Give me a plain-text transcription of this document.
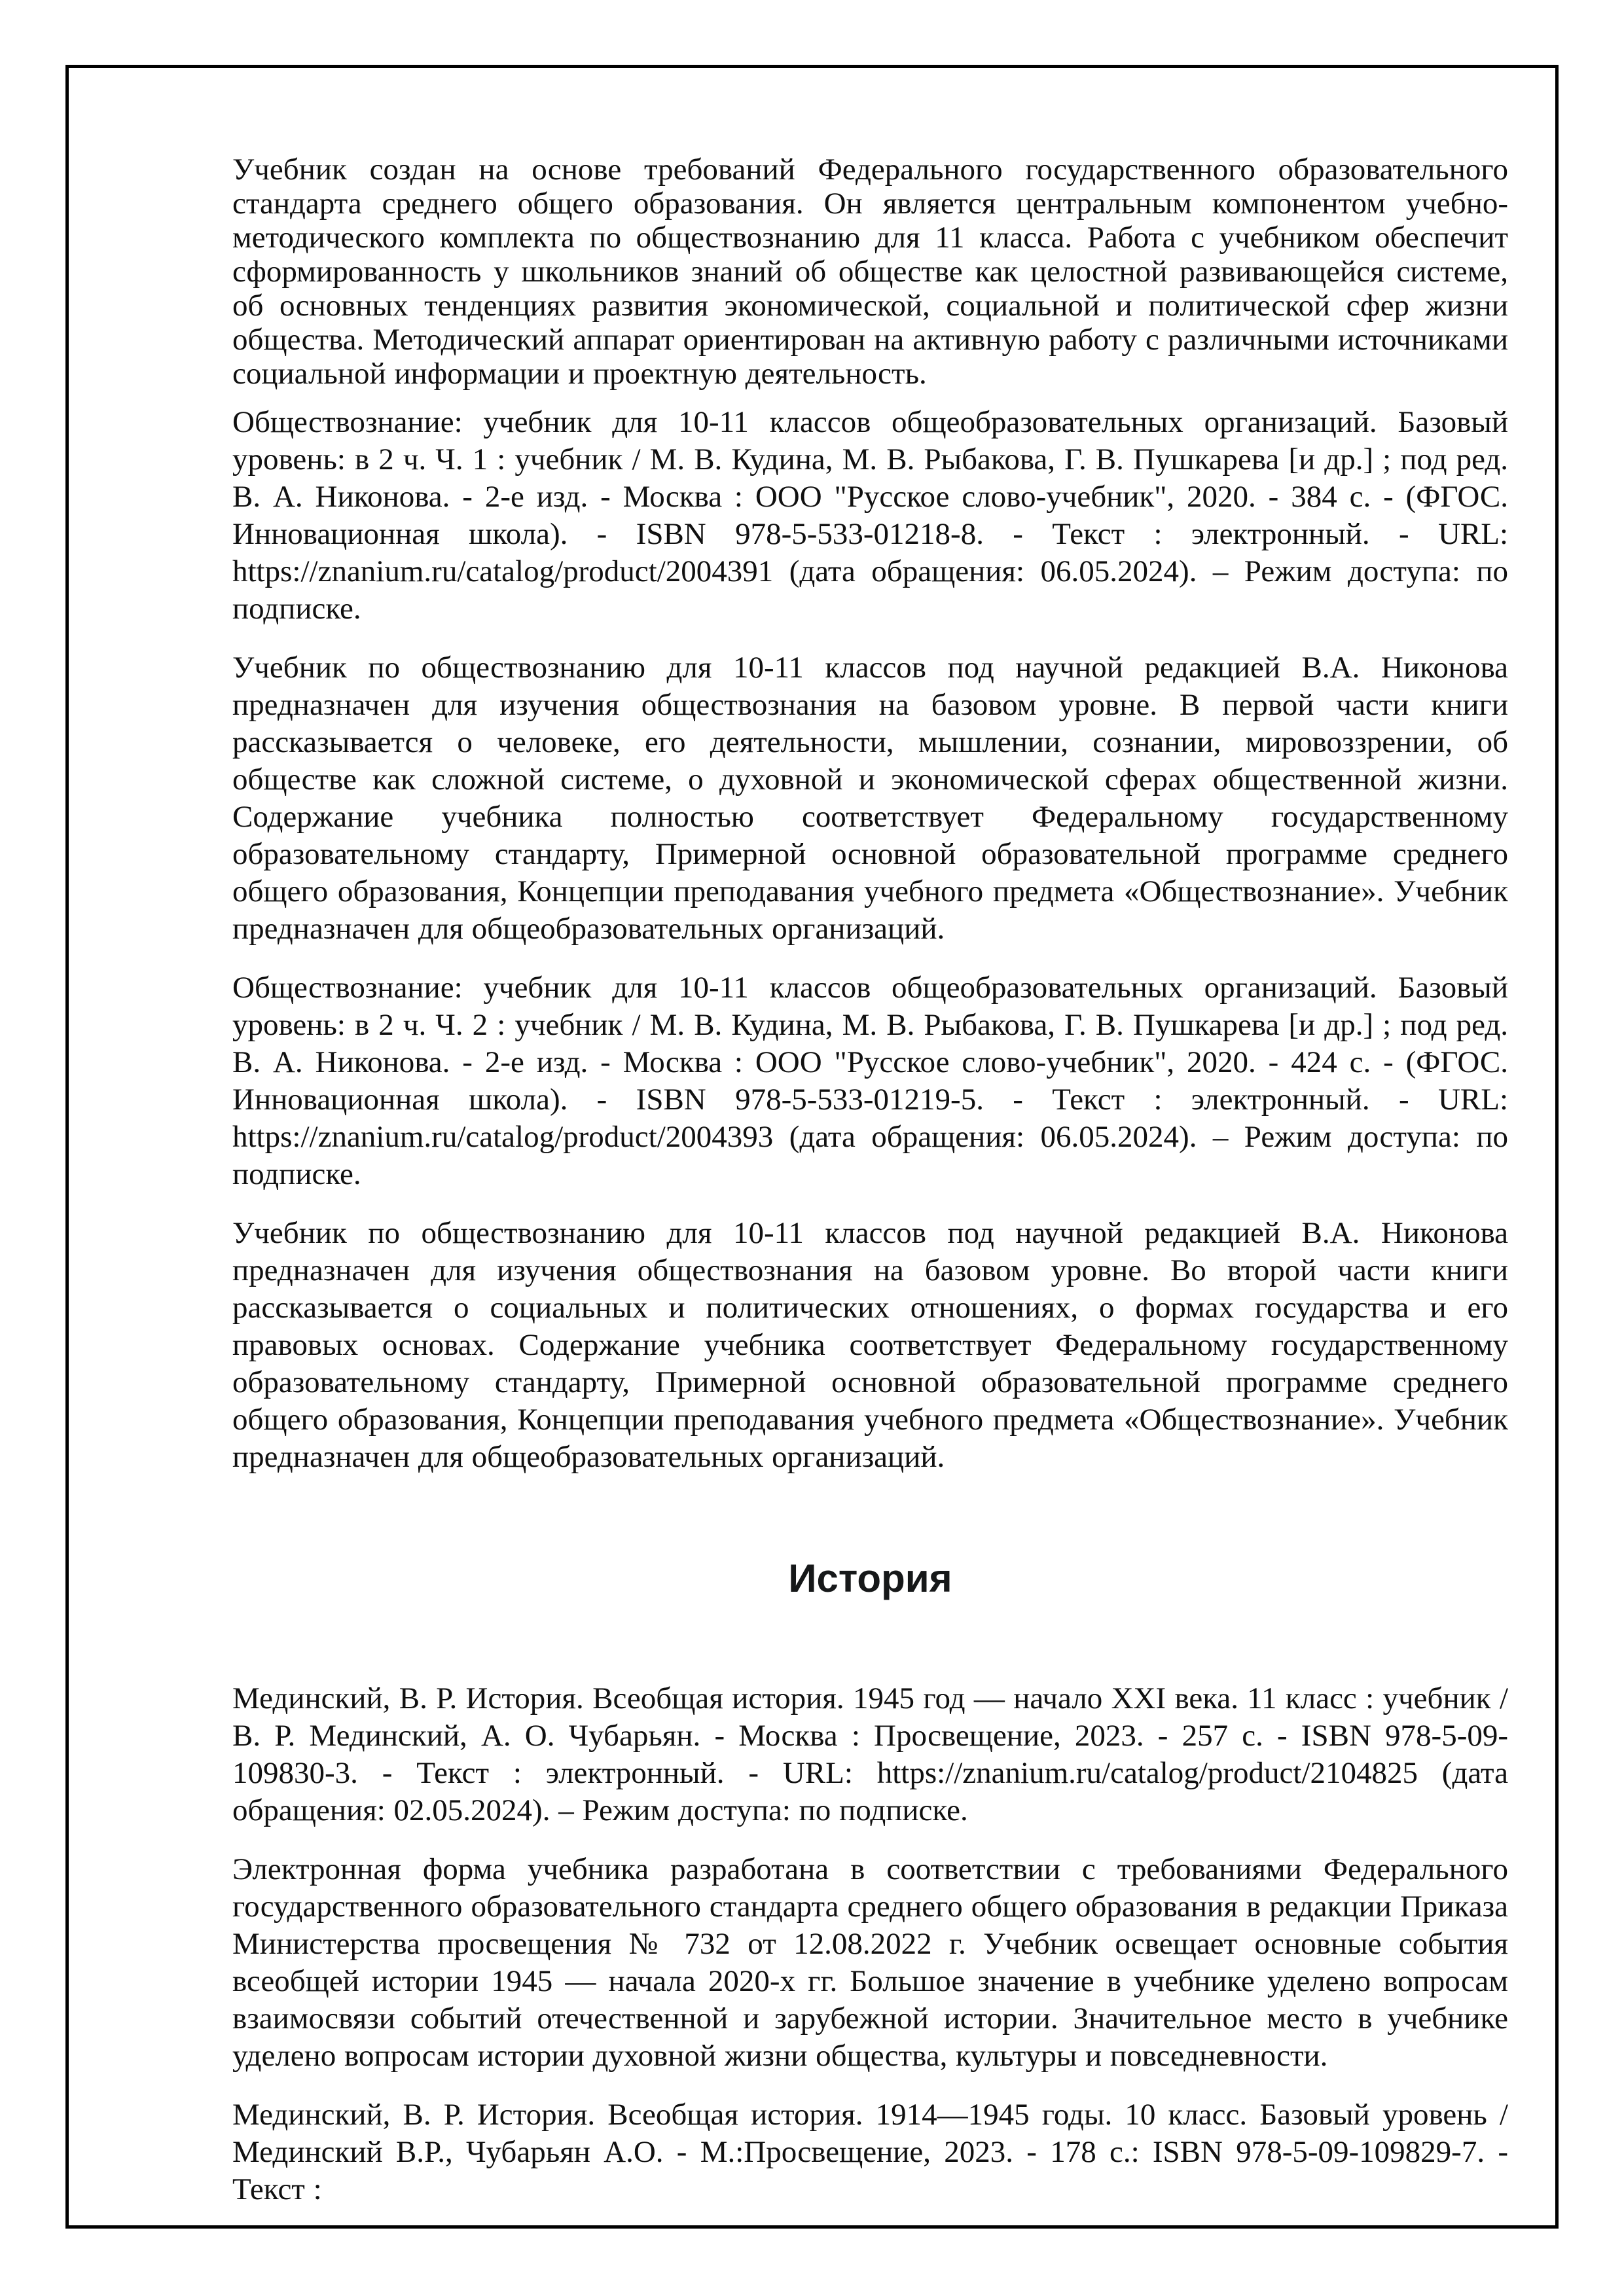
Учебник создан на основе требований Федерального государственного образовательного стандарта среднего общего образования. Он является центральным компонентом учебно-методического комплекта по обществознанию для 11 класса. Работа с учебником обеспечит сформированность у школьников знаний об обществе как целостной развивающейся системе, об основных тенденциях развития экономической, социальной и политической сфер жизни общества. Методический аппарат ориентирован на активную работу с различными источниками социальной информации и проектную деятельность.

Обществознание: учебник для 10-11 классов общеобразовательных организаций. Базовый уровень: в 2 ч. Ч. 1 : учебник / М. В. Кудина, М. В. Рыбакова, Г. В. Пушкарева [и др.] ; под ред. В. А. Никонова. - 2-е изд. - Москва : ООО "Русское слово-учебник", 2020. - 384 с. - (ФГОС. Инновационная школа). - ISBN 978-5-533-01218-8. - Текст : электронный. - URL: https://znanium.ru/catalog/product/2004391 (дата обращения: 06.05.2024). – Режим доступа: по подписке.

Учебник по обществознанию для 10-11 классов под научной редакцией В.А. Никонова предназначен для изучения обществознания на базовом уровне. В первой части книги рассказывается о человеке, его деятельности, мышлении, сознании, мировоззрении, об обществе как сложной системе, о духовной и экономической сферах общественной жизни. Содержание учебника полностью соответствует Федеральному государственному образовательному стандарту, Примерной основной образовательной программе среднего общего образования, Концепции преподавания учебного предмета «Обществознание». Учебник предназначен для общеобразовательных организаций.

Обществознание: учебник для 10-11 классов общеобразовательных организаций. Базовый уровень: в 2 ч. Ч. 2 : учебник / М. В. Кудина, М. В. Рыбакова, Г. В. Пушкарева [и др.] ; под ред. В. А. Никонова. - 2-е изд. - Москва : ООО "Русское слово-учебник", 2020. - 424 с. - (ФГОС. Инновационная школа). - ISBN 978-5-533-01219-5. - Текст : электронный. - URL: https://znanium.ru/catalog/product/2004393 (дата обращения: 06.05.2024). – Режим доступа: по подписке.

Учебник по обществознанию для 10-11 классов под научной редакцией В.А. Никонова предназначен для изучения обществознания на базовом уровне. Во второй части книги рассказывается о социальных и политических отношениях, о формах государства и его правовых основах. Содержание учебника соответствует Федеральному государственному образовательному стандарту, Примерной основной образовательной программе среднего общего образования, Концепции преподавания учебного предмета «Обществознание». Учебник предназначен для общеобразовательных организаций.

История

Мединский, В. Р. История. Всеобщая история. 1945 год — начало XXI века. 11 класс : учебник / В. Р. Мединский, А. О. Чубарьян. - Москва : Просвещение, 2023. - 257 с. - ISBN 978-5-09-109830-3. - Текст : электронный. - URL: https://znanium.ru/catalog/product/2104825 (дата обращения: 02.05.2024). – Режим доступа: по подписке.

Электронная форма учебника разработана в соответствии с требованиями Федерального государственного образовательного стандарта среднего общего образования в редакции Приказа Министерства просвещения № 732 от 12.08.2022 г. Учебник освещает основные события всеобщей истории 1945 — начала 2020-х гг. Большое значение в учебнике уделено вопросам взаимосвязи событий отечественной и зарубежной истории. Значительное место в учебнике уделено вопросам истории духовной жизни общества, культуры и повседневности.

Мединский, В. Р. История. Всеобщая история. 1914—1945 годы. 10 класс. Базовый уровень / Мединский В.Р., Чубарьян А.О. - М.:Просвещение, 2023. - 178 с.: ISBN 978-5-09-109829-7. - Текст :
